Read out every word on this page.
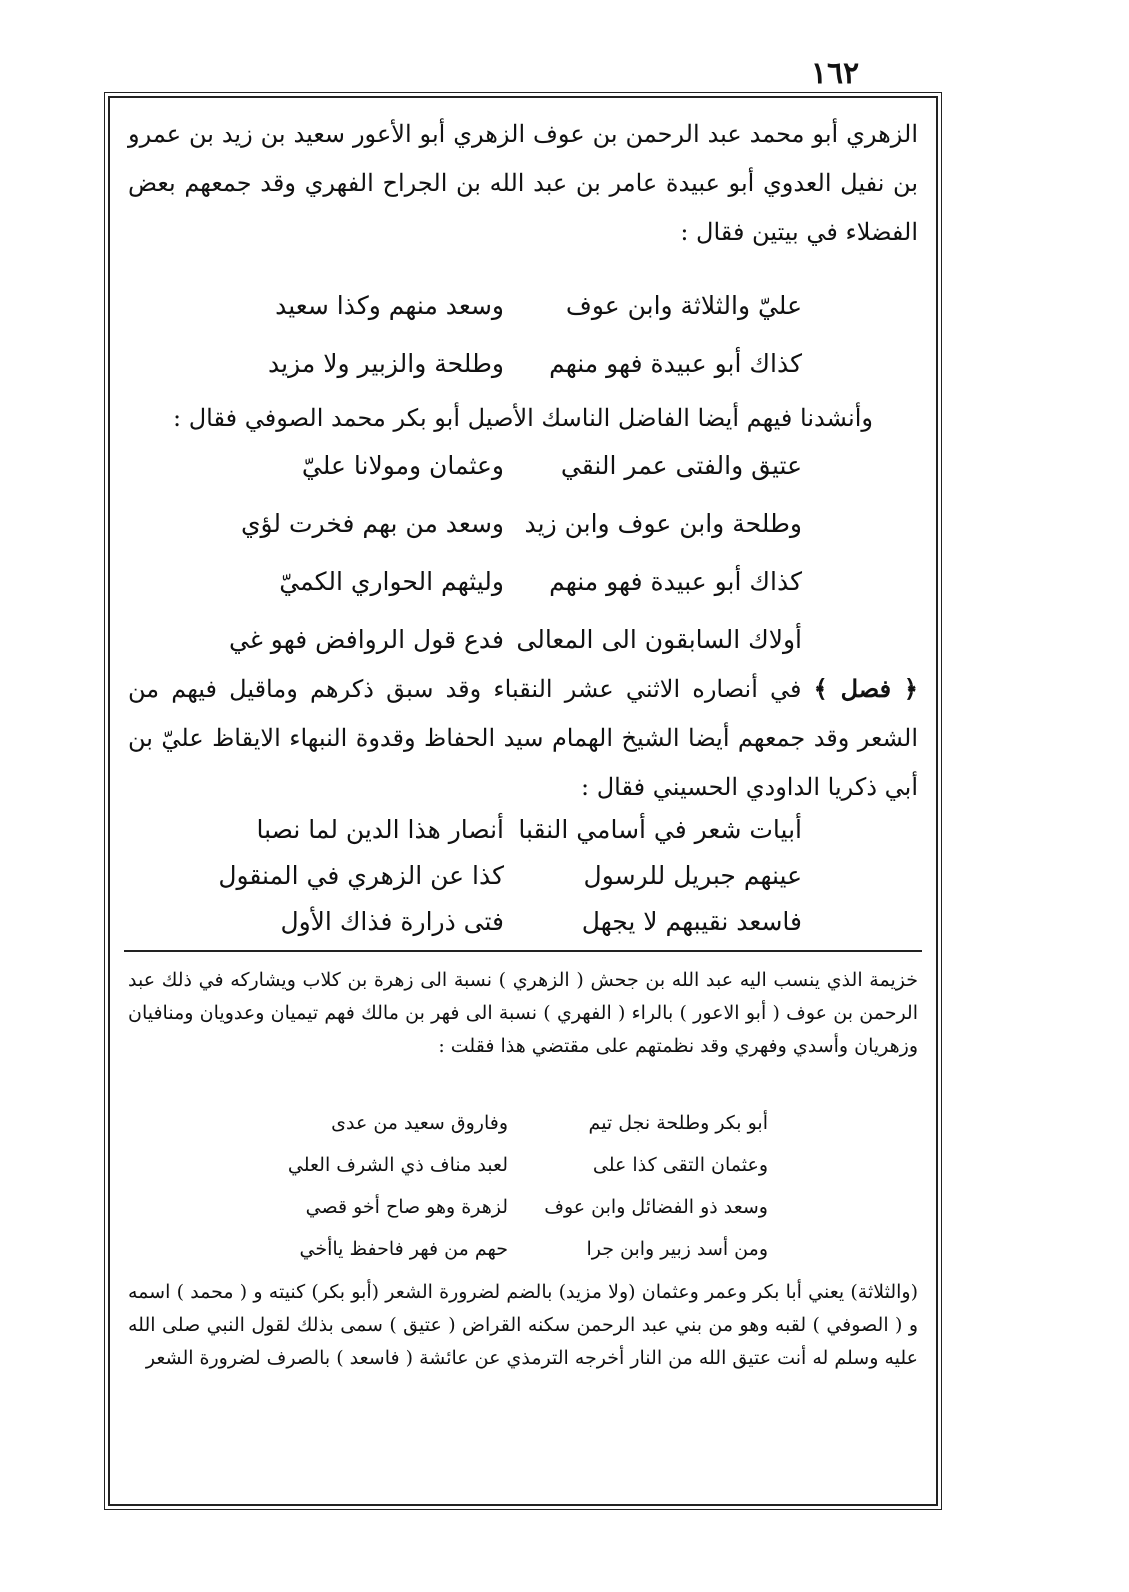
١٦٢

الزهري أبو محمد عبد الرحمن بن عوف الزهري أبو الأعور سعيد بن زيد بن عمرو بن نفيل العدوي أبو عبيدة عامر بن عبد الله بن الجراح الفهري وقد جمعهم بعض الفضلاء في بيتين فقال :

عليّ والثلاثة وابن عوف
وسعد منهم وكذا سعيد
كذاك أبو عبيدة فهو منهم
وطلحة والزبير ولا مزيد

وأنشدنا فيهم أيضا الفاضل الناسك الأصيل أبو بكر محمد الصوفي فقال :

عتيق والفتى عمر النقي
وعثمان ومولانا عليّ
وطلحة وابن عوف وابن زيد
وسعد من بهم فخرت لؤي
كذاك أبو عبيدة فهو منهم
وليثهم الحواري الكميّ
أولاك السابقون الى المعالى
فدع قول الروافض فهو غي

﴿ فصل ﴾ في أنصاره الاثني عشر النقباء وقد سبق ذكرهم وماقيل فيهم من الشعر وقد جمعهم أيضا الشيخ الهمام سيد الحفاظ وقدوة النبهاء الايقاظ عليّ بن أبي ذكريا الداودي الحسيني فقال :

أبيات شعر في أسامي النقبا
أنصار هذا الدين لما نصبا
عينهم جبريل للرسول
كذا عن الزهري في المنقول
فاسعد نقيبهم لا يجهل
فتى ذرارة فذاك الأول

خزيمة الذي ينسب اليه عبد الله بن جحش ( الزهري ) نسبة الى زهرة بن كلاب ويشاركه في ذلك عبد الرحمن بن عوف ( أبو الاعور ) بالراء ( الفهري ) نسبة الى فهر بن مالك فهم تيميان وعدويان ومنافيان وزهريان وأسدي وفهري وقد نظمتهم على مقتضي هذا فقلت :

أبو بكر وطلحة نجل تيم
وفاروق سعيد من عدى
وعثمان التقى كذا على
لعبد مناف ذي الشرف العلي
وسعد ذو الفضائل وابن عوف
لزهرة وهو صاح أخو قصي
ومن أسد زبير وابن جرا
حهم من فهر فاحفظ ياأخي

(والثلاثة) يعني أبا بكر وعمر وعثمان (ولا مزيد) بالضم لضرورة الشعر (أبو بكر) كنيته و ( محمد ) اسمه و ( الصوفي ) لقبه وهو من بني عبد الرحمن سكنه القراض ( عتيق ) سمى بذلك لقول النبي صلى الله عليه وسلم له أنت عتيق الله من النار أخرجه الترمذي عن عائشة ( فاسعد ) بالصرف لضرورة الشعر
